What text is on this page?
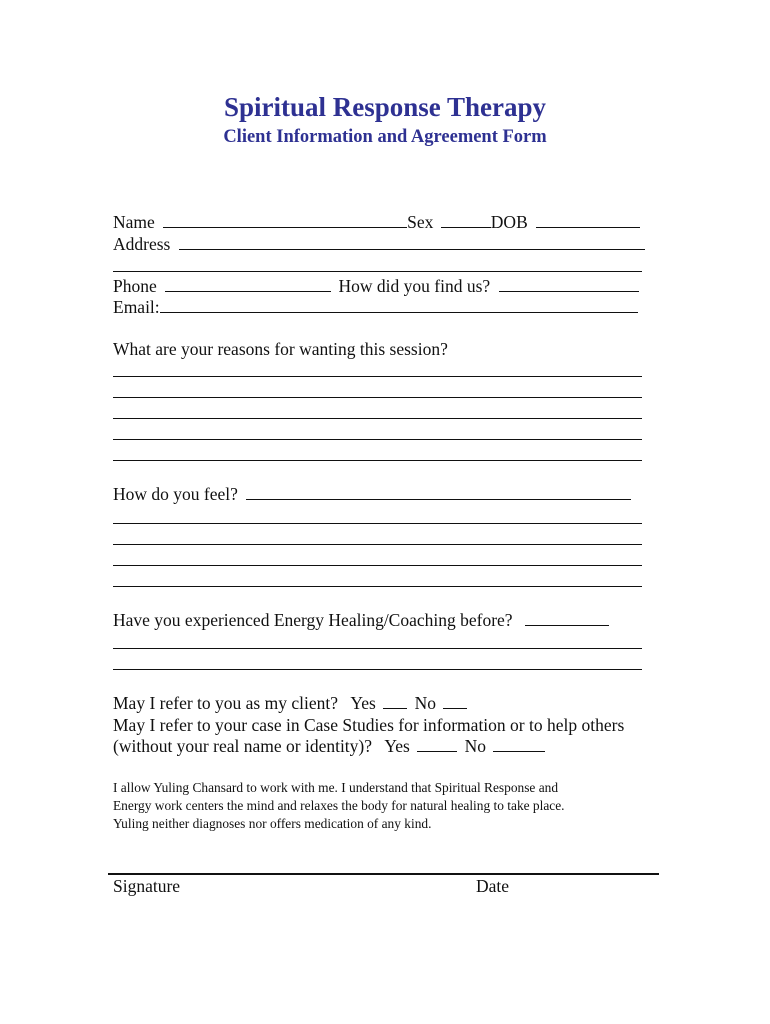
Spiritual Response Therapy
Client Information and Agreement Form
Name	Sex	DOB
Address
Phone	How did you find us?
Email:
What are your reasons for wanting this session?
How do you feel?
Have you experienced Energy Healing/Coaching before?
May I refer to you as my client? Yes No
May I refer to your case in Case Studies for information or to help others
(without your real name or identity)? Yes	No

I allow Yuling Chansard to work with me. I understand that Spiritual Response and

Energy work centers the mind and relaxes the body for natural healing to take place.

Yuling neither diagnoses nor offers medication of any kind.

Signature	Date
